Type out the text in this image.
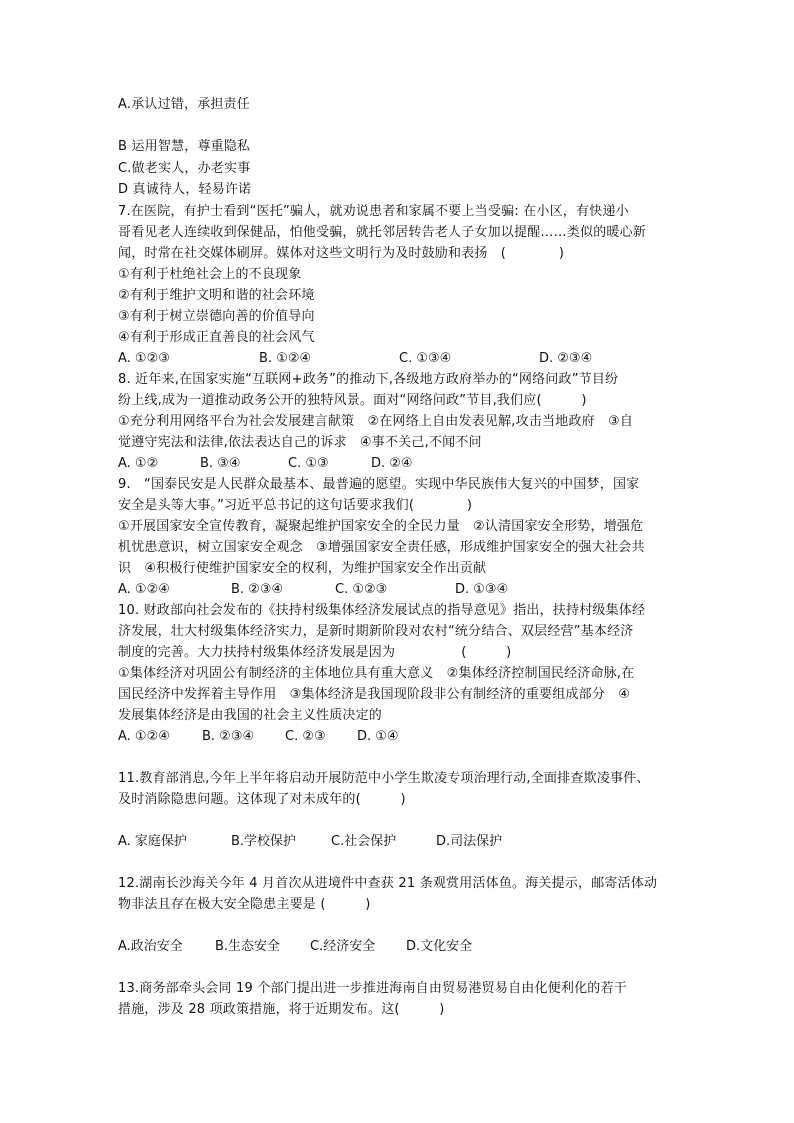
A.承认过错，承担责任
B 运用智慧，尊重隐私
C.做老实人，办老实事
D 真诚待人，轻易许诺
7.在医院，有护士看到“医托”骗人，就劝说患者和家属不要上当受骗: 在小区，有快递小
哥看见老人连续收到保健品，怕他受骗，就托邻居转告老人子女加以提醒……类似的暖心新
闻，时常在社交媒体刷屏。媒体对这些文明行为及时鼓励和表扬　(　　　　)
①有利于杜绝社会上的不良现象
②有利于维护文明和谐的社会环境
③有利于树立崇德向善的价值导向
④有利于形成正直善良的社会风气
A. ①②③	B. ①②④	C. ①③④	D. ②③④
8. 近年来,在国家实施“互联网+政务”的推动下,各级地方政府举办的“网络问政”节目纷
纷上线,成为一道推动政务公开的独特风景。面对“网络问政”节目,我们应(　　　)
①充分利用网络平台为社会发展建言献策　②在网络上自由发表见解,攻击当地政府　③自
觉遵守宪法和法律,依法表达自己的诉求　④事不关己,不闻不问
A. ①②	B. ③④	C. ①③	D. ②④
9.　“国泰民安是人民群众最基本、最普遍的愿望。实现中华民族伟大复兴的中国梦，国家
安全是头等大事。”习近平总书记的这句话要求我们(　　　　)
①开展国家安全宣传教育，凝聚起维护国家安全的全民力量　②认清国家安全形势，增强危
机忧患意识，树立国家安全观念　③增强国家安全责任感，形成维护国家安全的强大社会共
识　④积极行使维护国家安全的权利，为维护国家安全作出贡献
A. ①②④	B. ②③④	C. ①②③	D. ①③④
10. 财政部向社会发布的《扶持村级集体经济发展试点的指导意见》指出，扶持村级集体经
济发展，壮大村级集体经济实力，是新时期新阶段对农村“统分结合、双层经营”基本经济
制度的完善。大力扶持村级集体经济发展是因为　　　　　(　　　)
①集体经济对巩固公有制经济的主体地位具有重大意义　②集体经济控制国民经济命脉,在
国民经济中发挥着主导作用　③集体经济是我国现阶段非公有制经济的重要组成部分　④
发展集体经济是由我国的社会主义性质决定的
A. ①②④ B. ②③④ C. ②③ D. ①④
11.教育部消息,今年上半年将启动开展防范中小学生欺凌专项治理行动,全面排查欺凌事件、
及时消除隐患问题。这体现了对未成年的(　　　)
A. 家庭保护	B.学校保护	C.社会保护	D.司法保护
12.湖南长沙海关今年 4 月首次从进境件中查获 21 条观赏用活体鱼。海关提示，邮寄活体动
物非法且存在极大安全隐患主要是 (　　　)
A.政治安全 B.生态安全 C.经济安全 D.文化安全
13.商务部牵头会同 19 个部门提出进一步推进海南自由贸易港贸易自由化便利化的若干
措施，涉及 28 项政策措施，将于近期发布。这(　　　)
